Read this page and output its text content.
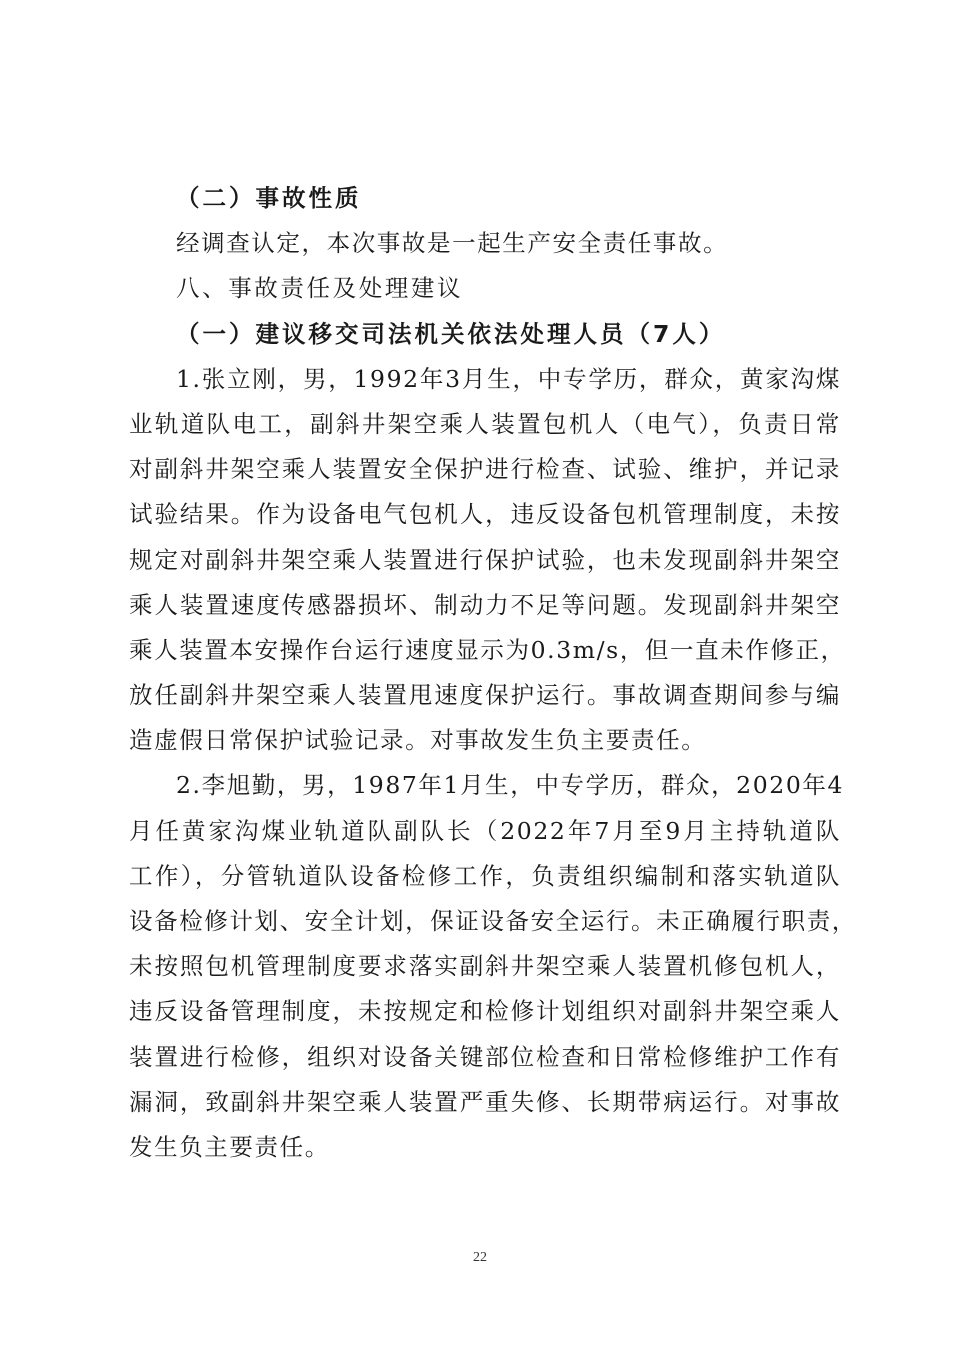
（二）事故性质
经调查认定，本次事故是一起生产安全责任事故。
八、事故责任及处理建议
（一）建议移交司法机关依法处理人员（7人）
1.张立刚，男，1992年3月生，中专学历，群众，黄家沟煤
业轨道队电工，副斜井架空乘人装置包机人（电气），负责日常
对副斜井架空乘人装置安全保护进行检查、试验、维护，并记录
试验结果。作为设备电气包机人，违反设备包机管理制度，未按
规定对副斜井架空乘人装置进行保护试验，也未发现副斜井架空
乘人装置速度传感器损坏、制动力不足等问题。发现副斜井架空
乘人装置本安操作台运行速度显示为0.3m/s，但一直未作修正，
放任副斜井架空乘人装置甩速度保护运行。事故调查期间参与编
造虚假日常保护试验记录。对事故发生负主要责任。
2.李旭勤，男，1987年1月生，中专学历，群众，2020年4
月任黄家沟煤业轨道队副队长（2022年7月至9月主持轨道队
工作），分管轨道队设备检修工作，负责组织编制和落实轨道队
设备检修计划、安全计划，保证设备安全运行。未正确履行职责，
未按照包机管理制度要求落实副斜井架空乘人装置机修包机人，
违反设备管理制度，未按规定和检修计划组织对副斜井架空乘人
装置进行检修，组织对设备关键部位检查和日常检修维护工作有
漏洞，致副斜井架空乘人装置严重失修、长期带病运行。对事故
发生负主要责任。
22
